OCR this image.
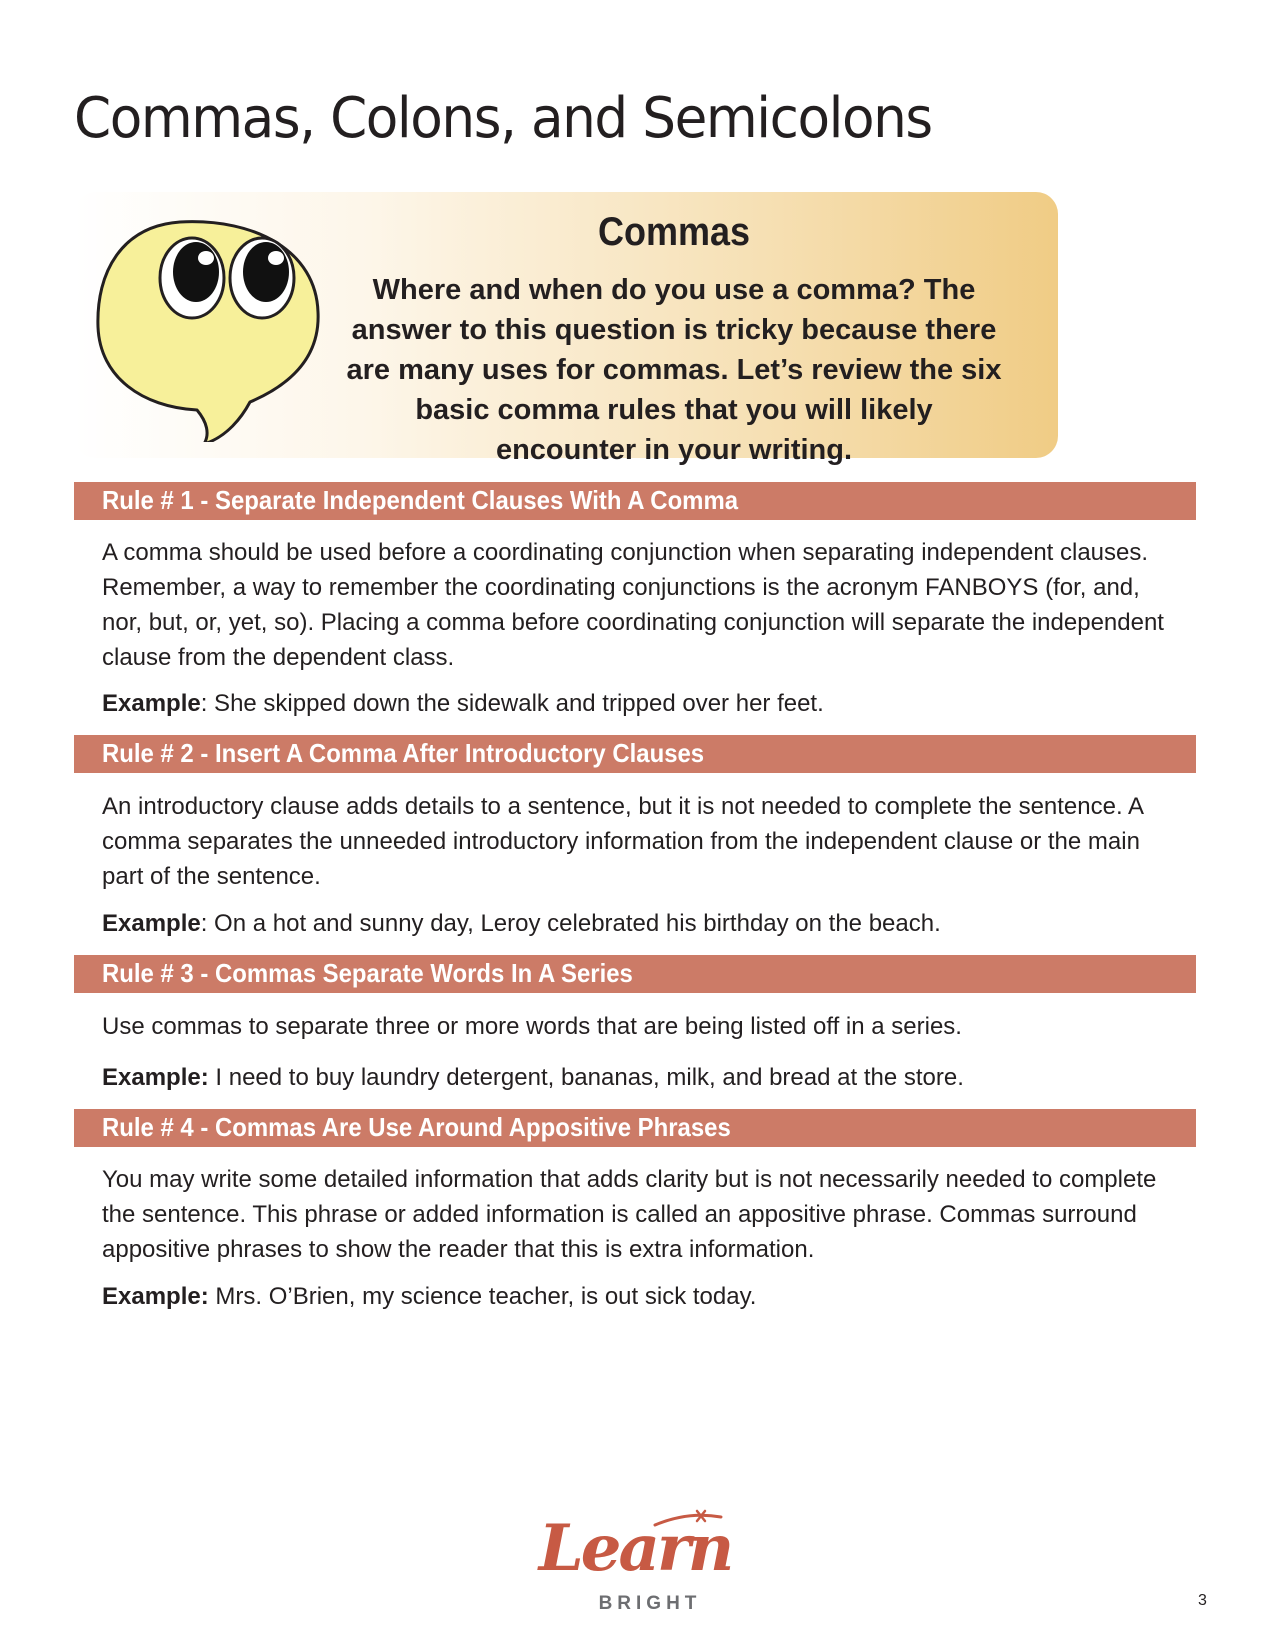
Commas, Colons, and Semicolons
Commas

Where and when do you use a comma? The answer to this question is tricky because there are many uses for commas. Let’s review the six basic comma rules that you will likely encounter in your writing.

Rule # 1 - Separate Independent Clauses With A Comma

A comma should be used before a coordinating conjunction when separating independent clauses. Remember, a way to remember the coordinating conjunctions is the acronym FANBOYS (for, and, nor, but, or, yet, so). Placing a comma before coordinating conjunction will separate the independent clause from the dependent class.

Example: She skipped down the sidewalk and tripped over her feet.

Rule # 2 - Insert A Comma After Introductory Clauses

An introductory clause adds details to a sentence, but it is not needed to complete the sentence. A comma separates the unneeded introductory information from the independent clause or the main part of the sentence.

Example: On a hot and sunny day, Leroy celebrated his birthday on the beach.

Rule # 3 - Commas Separate Words In A Series

Use commas to separate three or more words that are being listed off in a series.

Example: I need to buy laundry detergent, bananas, milk, and bread at the store.

Rule # 4 - Commas Are Use Around Appositive Phrases

You may write some detailed information that adds clarity but is not necessarily needed to complete the sentence. This phrase or added information is called an appositive phrase. Commas surround appositive phrases to show the reader that this is extra information.

Example: Mrs. O’Brien, my science teacher, is out sick today.

Learn
BRIGHT	3
